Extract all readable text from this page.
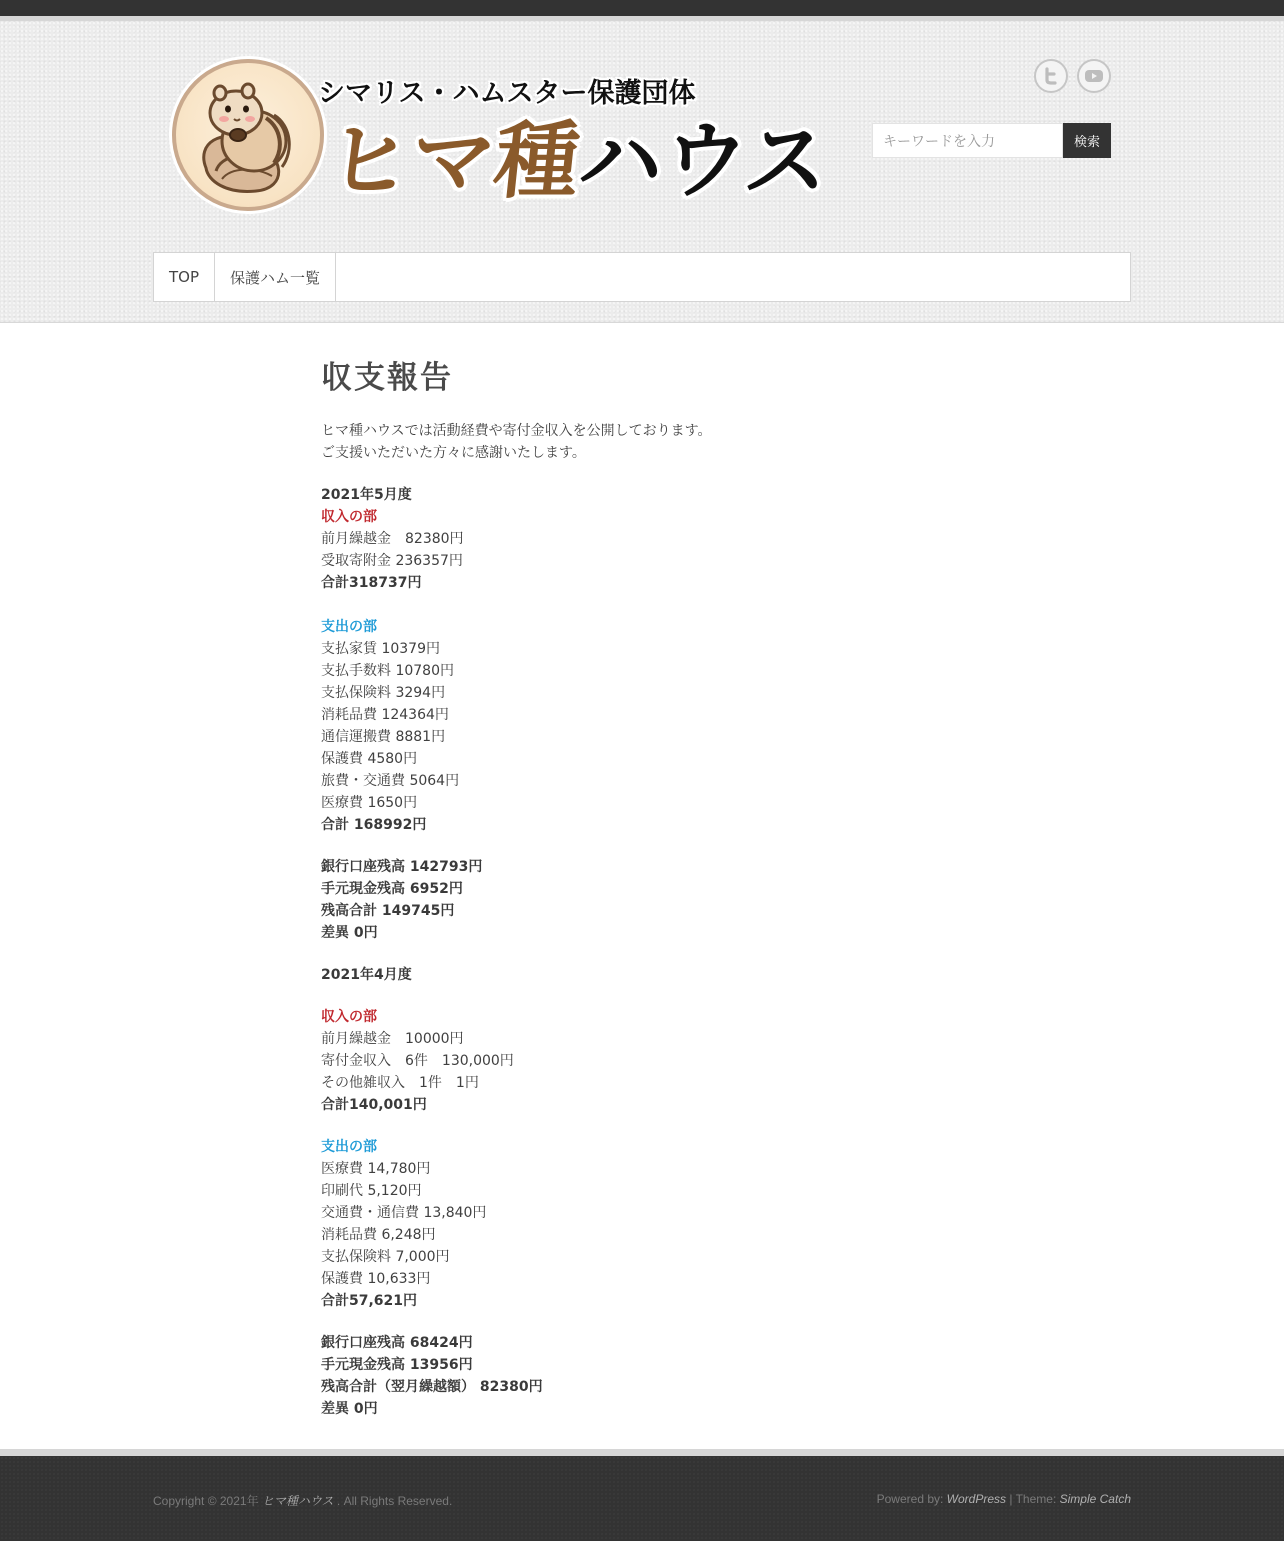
シマリス・ハムスター保護団体
ヒマ種ハウス
キーワードを入力	検索
TOP	保護ハム一覧
収支報告
ヒマ種ハウスでは活動経費や寄付金収入を公開しております。
ご支援いただいた方々に感謝いたします。
2021年5月度
収入の部
前月繰越金　82380円
受取寄附金 236357円
合計318737円
支出の部
支払家賃 10379円
支払手数料 10780円
支払保険料 3294円
消耗品費 124364円
通信運搬費 8881円
保護費 4580円
旅費・交通費 5064円
医療費 1650円
合計 168992円
銀行口座残高 142793円
手元現金残高 6952円
残高合計 149745円
差異 0円
2021年4月度
収入の部
前月繰越金　10000円
寄付金収入　6件　130,000円
その他雑収入　1件　1円
合計140,001円
支出の部
医療費 14,780円
印刷代 5,120円
交通費・通信費 13,840円
消耗品費 6,248円
支払保険料 7,000円
保護費 10,633円
合計57,621円
銀行口座残高 68424円
手元現金残高 13956円
残高合計（翌月繰越額） 82380円
差異 0円
Copyright © 2021年 ヒマ種ハウス . All Rights Reserved.	Powered by: WordPress | Theme: Simple Catch
